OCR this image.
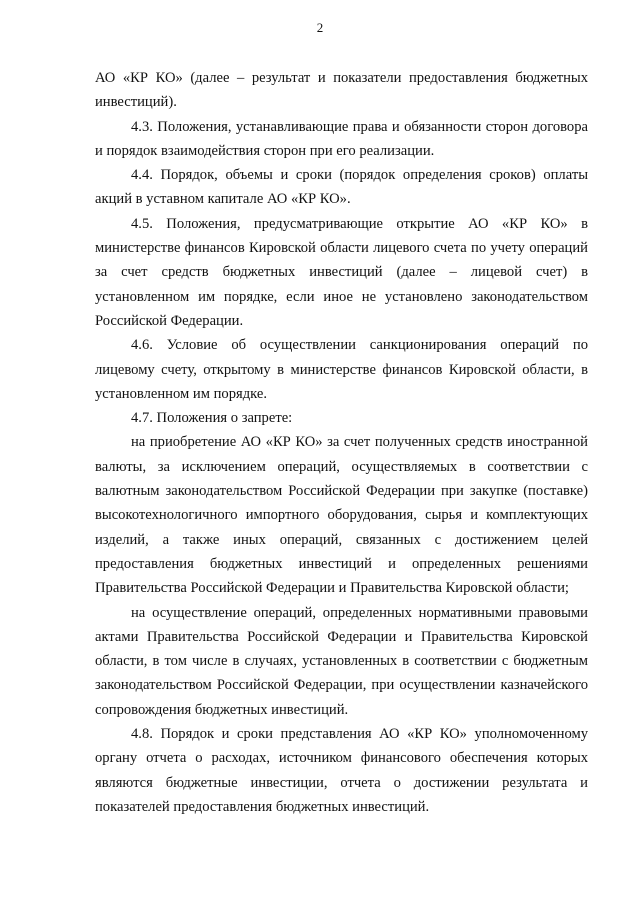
2

АО «КР КО» (далее – результат и показатели предоставления бюджетных инвестиций).

4.3. Положения, устанавливающие права и обязанности сторон договора и порядок взаимодействия сторон при его реализации.

4.4. Порядок, объемы и сроки (порядок определения сроков) оплаты акций в уставном капитале АО «КР КО».

4.5. Положения, предусматривающие открытие АО «КР КО» в министерстве финансов Кировской области лицевого счета по учету операций за счет средств бюджетных инвестиций (далее – лицевой счет) в установленном им порядке, если иное не установлено законодательством Российской Федерации.

4.6. Условие об осуществлении санкционирования операций по лицевому счету, открытому в министерстве финансов Кировской области, в установленном им порядке.

4.7. Положения о запрете:

на приобретение АО «КР КО» за счет полученных средств иностранной валюты, за исключением операций, осуществляемых в соответствии с валютным законодательством Российской Федерации при закупке (поставке) высокотехнологичного импортного оборудования, сырья и комплектующих изделий, а также иных операций, связанных с достижением целей предоставления бюджетных инвестиций и определенных решениями Правительства Российской Федерации и Правительства Кировской области;

на осуществление операций, определенных нормативными правовыми актами Правительства Российской Федерации и Правительства Кировской области, в том числе в случаях, установленных в соответствии с бюджетным законодательством Российской Федерации, при осуществлении казначейского сопровождения бюджетных инвестиций.

4.8. Порядок и сроки представления АО «КР КО» уполномоченному органу отчета о расходах, источником финансового обеспечения которых являются бюджетные инвестиции, отчета о достижении результата и показателей предоставления бюджетных инвестиций.
